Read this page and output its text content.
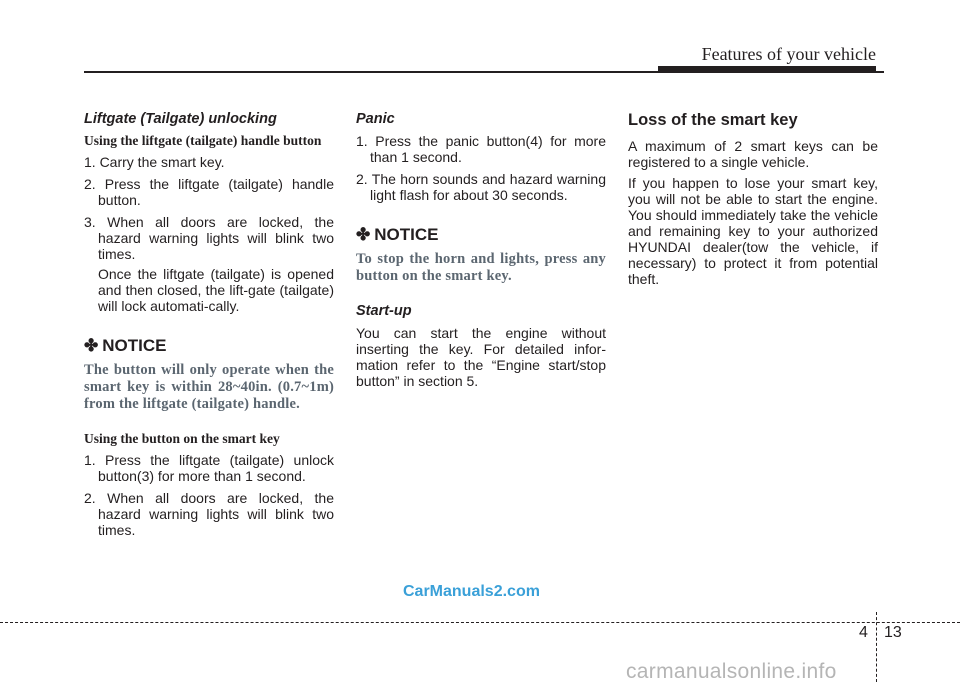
Features of your vehicle
Liftgate (Tailgate) unlocking
Using the liftgate (tailgate) handle button
1. Carry the smart key.
2. Press the liftgate (tailgate) handle button.
3. When all doors are locked, the hazard warning lights will blink two times.
Once the liftgate (tailgate) is opened and then closed, the lift-gate (tailgate) will lock automati-cally.
✤ NOTICE
The button will only operate when the smart key is within 28~40in. (0.7~1m) from the liftgate (tailgate) handle.
Using the button on the smart key
1. Press the liftgate (tailgate) unlock button(3) for more than 1 second.
2. When all doors are locked, the hazard warning lights will blink two times.
Panic
1. Press the panic button(4) for more than 1 second.
2. The horn sounds and hazard warning light flash for about 30 seconds.
✤ NOTICE
To stop the horn and lights, press any button on the smart key.
Start-up

You can start the engine without inserting the key. For detailed infor-mation refer to the “Engine start/stop button” in section 5.

Loss of the smart key

A maximum of 2 smart keys can be registered to a single vehicle.

If you happen to lose your smart key, you will not be able to start the engine. You should immediately take the vehicle and remaining key to your authorized HYUNDAI dealer(tow the vehicle, if necessary) to protect it from potential theft.

CarManuals2.com
4 13
carmanualsonline.info
